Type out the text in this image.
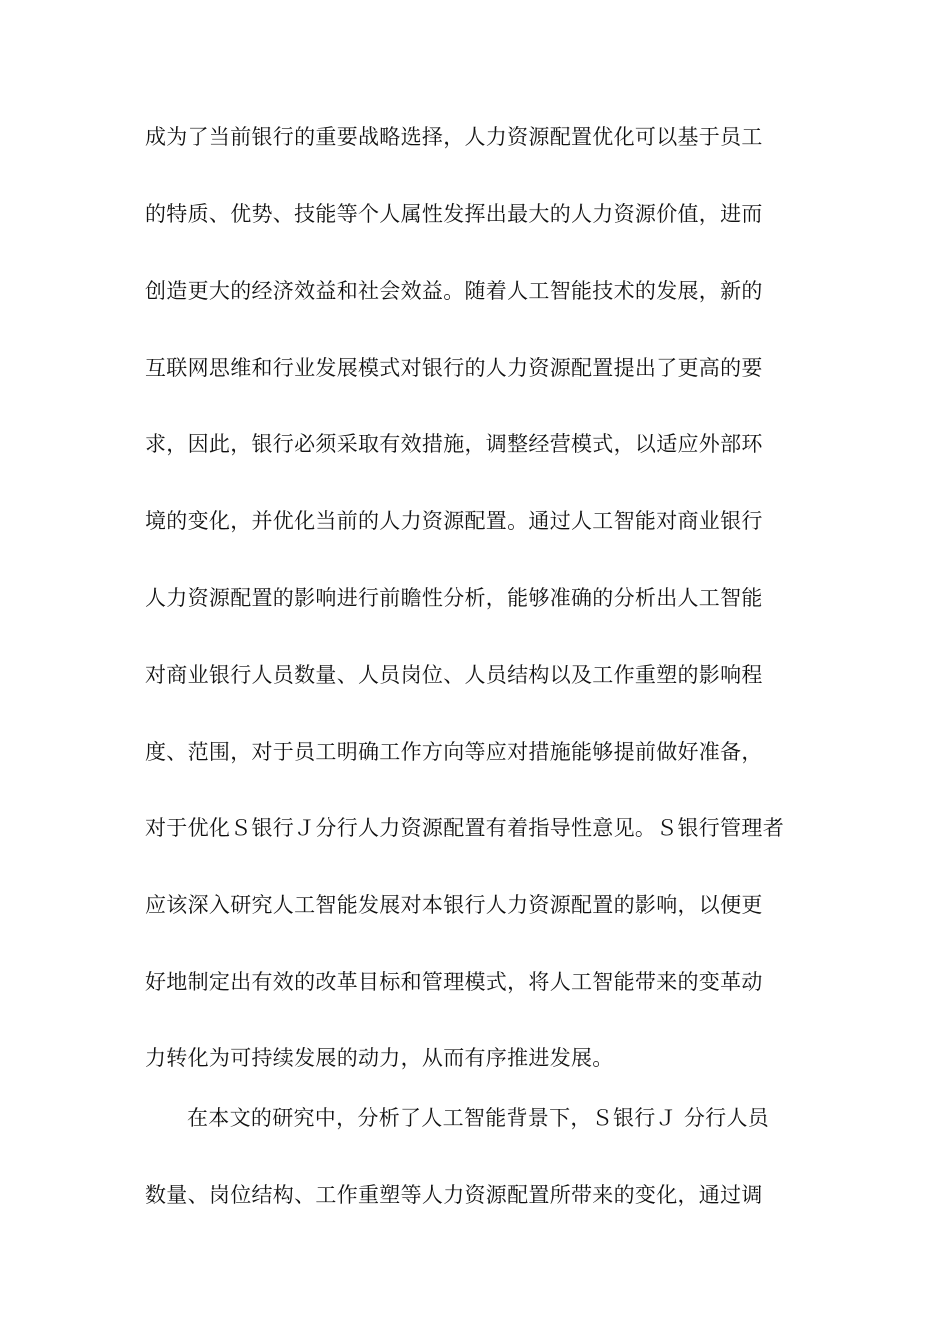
成为了当前银行的重要战略选择，人力资源配置优化可以基于员工
的特质、优势、技能等个人属性发挥出最大的人力资源价值，进而
创造更大的经济效益和社会效益。随着人工智能技术的发展，新的
互联网思维和行业发展模式对银行的人力资源配置提出了更高的要
求，因此，银行必须采取有效措施，调整经营模式，以适应外部环
境的变化，并优化当前的人力资源配置。通过人工智能对商业银行
人力资源配置的影响进行前瞻性分析，能够准确的分析出人工智能
对商业银行人员数量、人员岗位、人员结构以及工作重塑的影响程
度、范围，对于员工明确工作方向等应对措施能够提前做好准备，
对于优化Ｓ银行Ｊ分行人力资源配置有着指导性意见。Ｓ银行管理者
应该深入研究人工智能发展对本银行人力资源配置的影响，以便更
好地制定出有效的改革目标和管理模式，将人工智能带来的变革动
力转化为可持续发展的动力，从而有序推进发展。
在本文的研究中，分析了人工智能背景下，Ｓ银行Ｊ 分行人员
数量、岗位结构、工作重塑等人力资源配置所带来的变化，通过调
